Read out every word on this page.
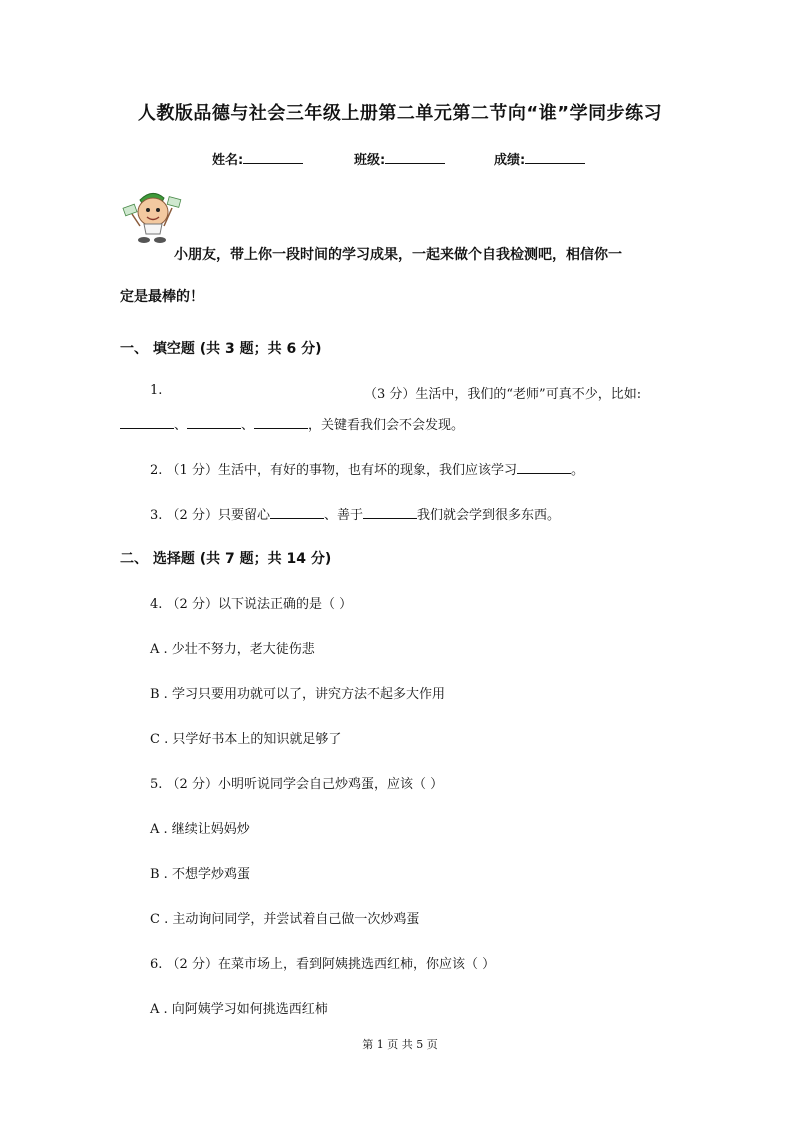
人教版品德与社会三年级上册第二单元第二节向“谁”学同步练习
姓名:	班级:	成绩:
小朋友，带上你一段时间的学习成果，一起来做个自我检测吧，相信你一
定是最棒的！
一、 填空题 (共 3 题；共 6 分)
1.	（3 分）生活中，我们的“老师”可真不少，比如:
、	、	，关键看我们会不会发现。
2. （1 分）生活中，有好的事物，也有坏的现象，我们应该学习	。
3. （2 分）只要留心	、善于	我们就会学到很多东西。
二、 选择题 (共 7 题；共 14 分)
4. （2 分）以下说法正确的是（ ）
A . 少壮不努力，老大徒伤悲
B . 学习只要用功就可以了，讲究方法不起多大作用
C . 只学好书本上的知识就足够了
5. （2 分）小明听说同学会自己炒鸡蛋，应该（ ）
A . 继续让妈妈炒
B . 不想学炒鸡蛋
C . 主动询问同学，并尝试着自己做一次炒鸡蛋
6. （2 分）在菜市场上，看到阿姨挑选西红柿，你应该（ ）
A . 向阿姨学习如何挑选西红柿
第 1 页 共 5 页
